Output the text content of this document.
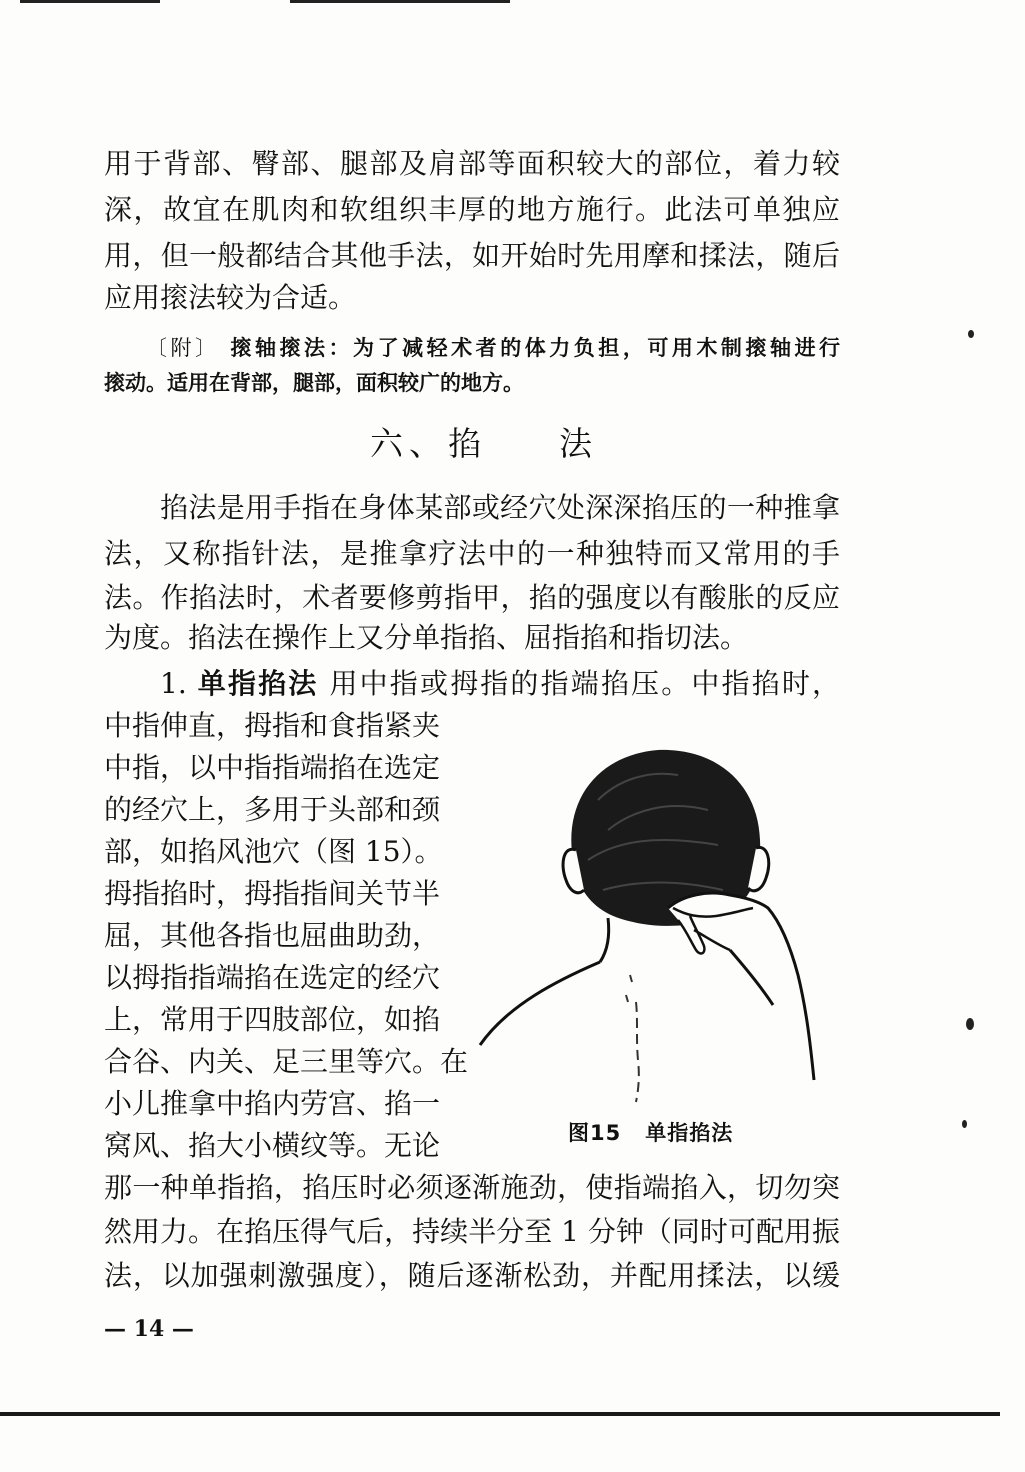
用于背部、臀部、腿部及肩部等面积较大的部位，着力较
深，故宜在肌肉和软组织丰厚的地方施行。此法可单独应
用，但一般都结合其他手法，如开始时先用摩和揉法，随后
应用㨰法较为合适。
〔附〕 㨰轴㨰法：为了减轻术者的体力负担，可用木制㨰轴进行
㨰动。适用在背部，腿部，面积较广的地方。
六、掐 法
掐法是用手指在身体某部或经穴处深深掐压的一种推拿
法，又称指针法，是推拿疗法中的一种独特而又常用的手
法。作掐法时，术者要修剪指甲，掐的强度以有酸胀的反应
为度。掐法在操作上又分单指掐、屈指掐和指切法。
1. 单指掐法 用中指或拇指的指端掐压。中指掐时，
中指伸直，拇指和食指紧夹
中指，以中指指端掐在选定
的经穴上，多用于头部和颈
部，如掐风池穴（图 15）。
拇指掐时，拇指指间关节半
屈，其他各指也屈曲助劲，
以拇指指端掐在选定的经穴
上，常用于四肢部位，如掐
合谷、内关、足三里等穴。在
小儿推拿中掐内劳宫、掐一
窝风、掐大小横纹等。无论	图15 单指掐法
那一种单指掐，掐压时必须逐渐施劲，使指端掐入，切勿突
然用力。在掐压得气后，持续半分至 1 分钟（同时可配用振
法，以加强刺激强度），随后逐渐松劲，并配用揉法，以缓
— 14 —
